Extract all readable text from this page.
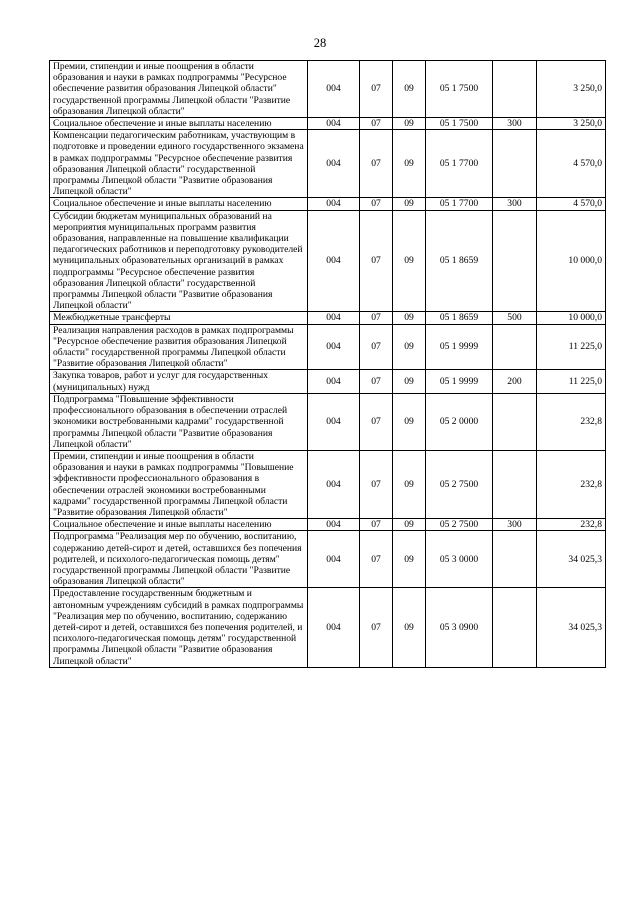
28
Премии, стипендии и иные поощрения в области образования и науки в рамках подпрограммы "Ресурсное обеспечение развития образования Липецкой области" государственной программы Липецкой области "Развитие образования Липецкой области"	004	07	09	05 1 7500		3 250,0
Социальное обеспечение и иные выплаты населению	004	07	09	05 1 7500	300	3 250,0
Компенсации педагогическим работникам, участвующим в подготовке и проведении единого государственного экзамена в рамках подпрограммы "Ресурсное обеспечение развития образования Липецкой области" государственной программы Липецкой области "Развитие образования Липецкой области"	004	07	09	05 1 7700		4 570,0
Социальное обеспечение и иные выплаты населению	004	07	09	05 1 7700	300	4 570,0
Субсидии бюджетам муниципальных образований на мероприятия муниципальных программ развития образования, направленные на повышение квалификации педагогических работников и переподготовку руководителей муниципальных образовательных организаций в рамках подпрограммы "Ресурсное обеспечение развития образования Липецкой области" государственной программы Липецкой области "Развитие образования Липецкой области"	004	07	09	05 1 8659		10 000,0
Межбюджетные трансферты	004	07	09	05 1 8659	500	10 000,0
Реализация направления расходов в рамках подпрограммы "Ресурсное обеспечение развития образования Липецкой области" государственной программы Липецкой области "Развитие образования Липецкой области"	004	07	09	05 1 9999		11 225,0
Закупка товаров, работ и услуг для государственных (муниципальных) нужд	004	07	09	05 1 9999	200	11 225,0
Подпрограмма "Повышение эффективности профессионального образования в обеспечении отраслей экономики востребованными кадрами" государственной программы Липецкой области "Развитие образования Липецкой области"	004	07	09	05 2 0000		232,8
Премии, стипендии и иные поощрения в области образования и науки в рамках подпрограммы "Повышение эффективности профессионального образования в обеспечении отраслей экономики востребованными кадрами" государственной программы Липецкой области "Развитие образования Липецкой области"	004	07	09	05 2 7500		232,8
Социальное обеспечение и иные выплаты населению	004	07	09	05 2 7500	300	232,8
Подпрограмма "Реализация мер по обучению, воспитанию, содержанию детей-сирот и детей, оставшихся без попечения родителей, и психолого-педагогическая помощь детям" государственной программы Липецкой области "Развитие образования Липецкой области"	004	07	09	05 3 0000		34 025,3
Предоставление государственным бюджетным и автономным учреждениям субсидий в рамках подпрограммы "Реализация мер по обучению, воспитанию, содержанию детей-сирот и детей, оставшихся без попечения родителей, и психолого-педагогическая помощь детям" государственной программы Липецкой области "Развитие образования Липецкой области"	004	07	09	05 3 0900		34 025,3
